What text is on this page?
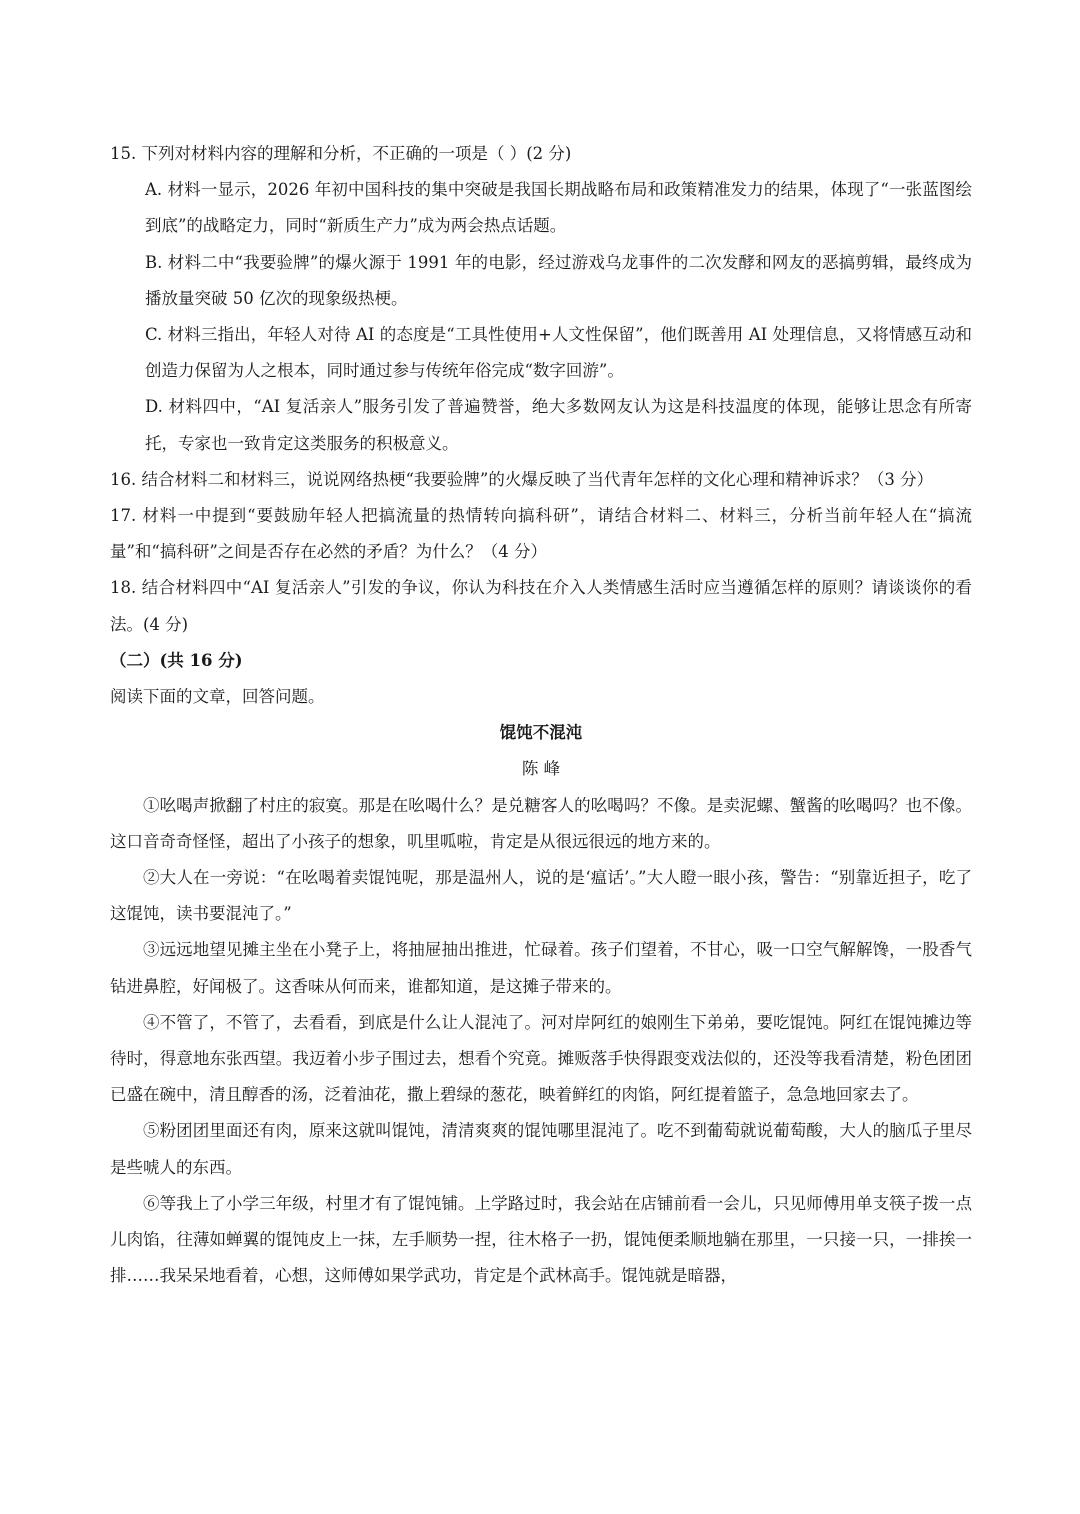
15. 下列对材料内容的理解和分析，不正确的一项是（ ）(2 分)

A. 材料一显示，2026 年初中国科技的集中突破是我国长期战略布局和政策精准发力的结果，体现了“一张蓝图绘到底”的战略定力，同时“新质生产力”成为两会热点话题。

B. 材料二中“我要验牌”的爆火源于 1991 年的电影，经过游戏乌龙事件的二次发酵和网友的恶搞剪辑，最终成为播放量突破 50 亿次的现象级热梗。

C. 材料三指出，年轻人对待 AI 的态度是“工具性使用+人文性保留”，他们既善用 AI 处理信息，又将情感互动和创造力保留为人之根本，同时通过参与传统年俗完成“数字回游”。

D. 材料四中，“AI 复活亲人”服务引发了普遍赞誉，绝大多数网友认为这是科技温度的体现，能够让思念有所寄托，专家也一致肯定这类服务的积极意义。

16. 结合材料二和材料三，说说网络热梗“我要验牌”的火爆反映了当代青年怎样的文化心理和精神诉求？（3 分）

17. 材料一中提到“要鼓励年轻人把搞流量的热情转向搞科研”，请结合材料二、材料三，分析当前年轻人在“搞流量”和“搞科研”之间是否存在必然的矛盾？为什么？（4 分）

18. 结合材料四中“AI 复活亲人”引发的争议，你认为科技在介入人类情感生活时应当遵循怎样的原则？请谈谈你的看法。(4 分)

（二）(共 16 分)

阅读下面的文章，回答问题。

馄饨不混沌

陈 峰

①吆喝声掀翻了村庄的寂寞。那是在吆喝什么？是兑糖客人的吆喝吗？不像。是卖泥螺、蟹酱的吆喝吗？也不像。这口音奇奇怪怪，超出了小孩子的想象，叽里呱啦，肯定是从很远很远的地方来的。

②大人在一旁说：“在吆喝着卖馄饨呢，那是温州人，说的是‘瘟话’。”大人瞪一眼小孩，警告：“别靠近担子，吃了这馄饨，读书要混沌了。”

③远远地望见摊主坐在小凳子上，将抽屉抽出推进，忙碌着。孩子们望着，不甘心，吸一口空气解解馋，一股香气钻进鼻腔，好闻极了。这香味从何而来，谁都知道，是这摊子带来的。

④不管了，不管了，去看看，到底是什么让人混沌了。河对岸阿红的娘刚生下弟弟，要吃馄饨。阿红在馄饨摊边等待时，得意地东张西望。我迈着小步子围过去，想看个究竟。摊贩落手快得跟变戏法似的，还没等我看清楚，粉色团团已盛在碗中，清且醇香的汤，泛着油花，撒上碧绿的葱花，映着鲜红的肉馅，阿红提着篮子，急急地回家去了。

⑤粉团团里面还有肉，原来这就叫馄饨，清清爽爽的馄饨哪里混沌了。吃不到葡萄就说葡萄酸，大人的脑瓜子里尽是些唬人的东西。

⑥等我上了小学三年级，村里才有了馄饨铺。上学路过时，我会站在店铺前看一会儿，只见师傅用单支筷子拨一点儿肉馅，往薄如蝉翼的馄饨皮上一抹，左手顺势一捏，往木格子一扔，馄饨便柔顺地躺在那里，一只接一只，一排挨一排……我呆呆地看着，心想，这师傅如果学武功，肯定是个武林高手。馄饨就是暗器，
